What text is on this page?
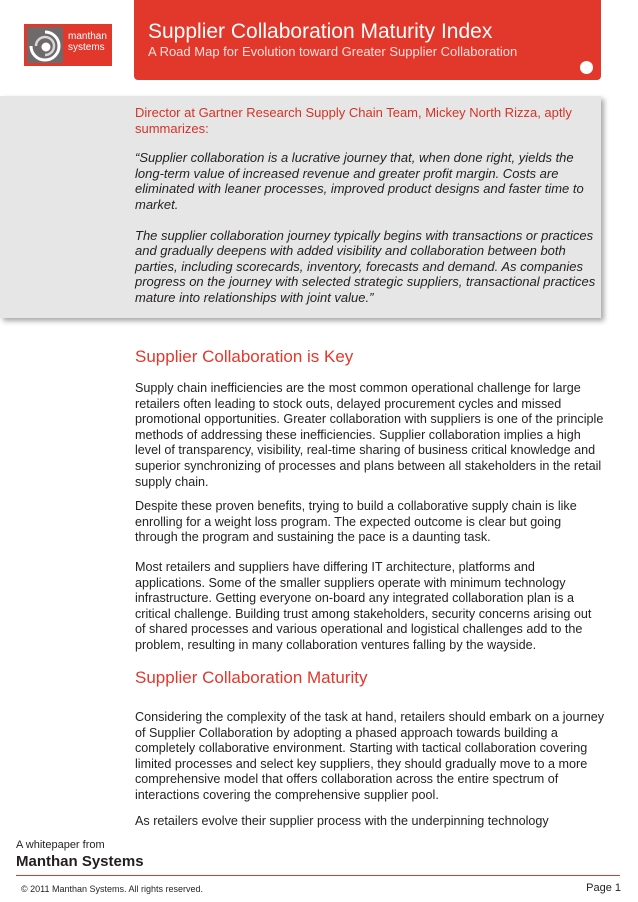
manthan
systems
Supplier Collaboration Maturity Index
A Road Map for Evolution toward Greater Supplier Collaboration

Director at Gartner Research Supply Chain Team, Mickey North Rizza, aptly summarizes:

“Supplier collaboration is a lucrative journey that, when done right, yields the long-term value of increased revenue and greater profit margin. Costs are eliminated with leaner processes, improved product designs and faster time to market.

The supplier collaboration journey typically begins with transactions or practices and gradually deepens with added visibility and collaboration between both parties, including scorecards, inventory, forecasts and demand. As companies progress on the journey with selected strategic suppliers, transactional practices mature into relationships with joint value.”

Supplier Collaboration is Key

Supply chain inefficiencies are the most common operational challenge for large retailers often leading to stock outs, delayed procurement cycles and missed promotional opportunities. Greater collaboration with suppliers is one of the principle methods of addressing these inefficiencies. Supplier collaboration implies a high level of transparency, visibility, real-time sharing of business critical knowledge and superior synchronizing of processes and plans between all stakeholders in the retail supply chain.

Despite these proven benefits, trying to build a collaborative supply chain is like enrolling for a weight loss program. The expected outcome is clear but going through the program and sustaining the pace is a daunting task.

Most retailers and suppliers have differing IT architecture, platforms and applications. Some of the smaller suppliers operate with minimum technology infrastructure. Getting everyone on-board any integrated collaboration plan is a critical challenge. Building trust among stakeholders, security concerns arising out of shared processes and various operational and logistical challenges add to the problem, resulting in many collaboration ventures falling by the wayside.

Supplier Collaboration Maturity

Considering the complexity of the task at hand, retailers should embark on a journey of Supplier Collaboration by adopting a phased approach towards building a completely collaborative environment. Starting with tactical collaboration covering limited processes and select key suppliers, they should gradually move to a more comprehensive model that offers collaboration across the entire spectrum of interactions covering the comprehensive supplier pool.

As retailers evolve their supplier process with the underpinning technology

A whitepaper from
Manthan Systems
© 2011 Manthan Systems. All rights reserved.	Page 1
